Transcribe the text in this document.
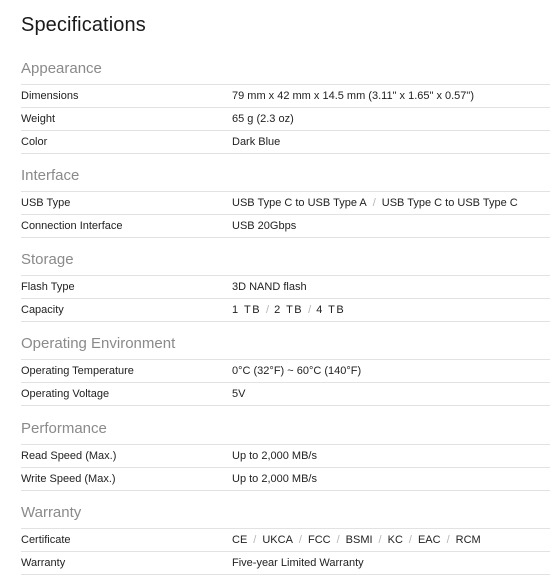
Specifications
Appearance
Dimensions	79 mm x 42 mm x 14.5 mm (3.11" x 1.65" x 0.57")
Weight	65 g (2.3 oz)
Color	Dark Blue
Interface
USB Type	USB Type C to USB Type A / USB Type C to USB Type C
Connection Interface	USB 20Gbps
Storage
Flash Type	3D NAND flash
Capacity	1 TB / 2 TB / 4 TB
Operating Environment
Operating Temperature	0°C (32°F) ~ 60°C (140°F)
Operating Voltage	5V
Performance
Read Speed (Max.)	Up to 2,000 MB/s
Write Speed (Max.)	Up to 2,000 MB/s
Warranty
Certificate	CE / UKCA / FCC / BSMI / KC / EAC / RCM
Warranty	Five-year Limited Warranty
